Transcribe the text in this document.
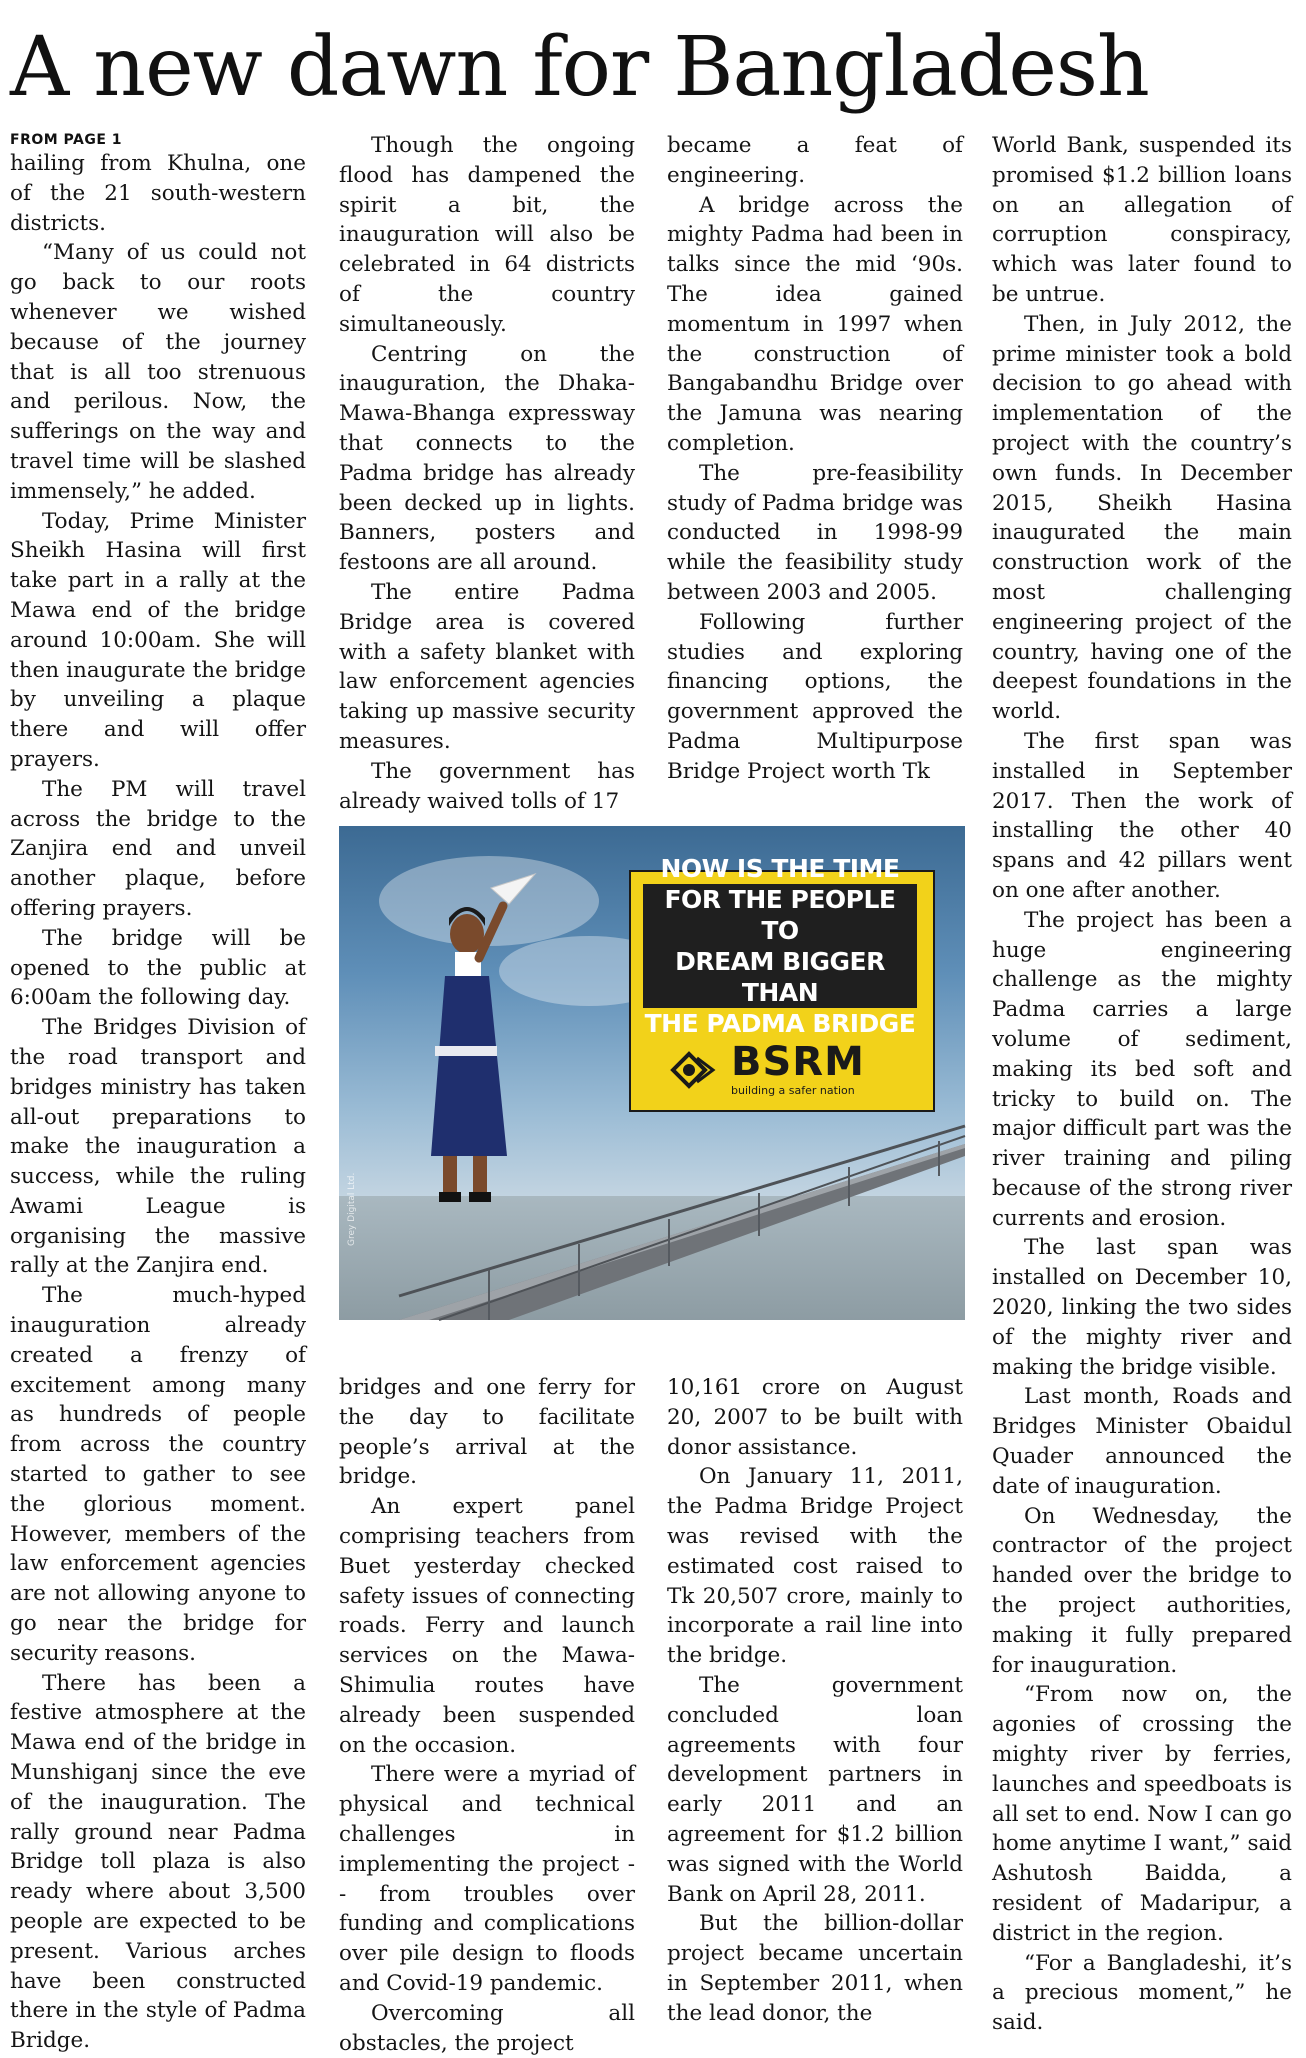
A new dawn for Bangladesh
FROM PAGE 1

hailing from Khulna, one of the 21 south-western districts.

“Many of us could not go back to our roots whenever we wished because of the journey that is all too strenuous and perilous. Now, the sufferings on the way and travel time will be slashed immensely,” he added.

Today, Prime Minister Sheikh Hasina will first take part in a rally at the Mawa end of the bridge around 10:00am. She will then inaugurate the bridge by unveiling a plaque there and will offer prayers.

The PM will travel across the bridge to the Zanjira end and unveil another plaque, before offering prayers.

The bridge will be opened to the public at 6:00am the following day.

The Bridges Division of the road transport and bridges ministry has taken all-out preparations to make the inauguration a success, while the ruling Awami League is organising the massive rally at the Zanjira end.

The much-hyped inauguration already created a frenzy of excitement among many as hundreds of people from across the country started to gather to see the glorious moment. However, members of the law enforcement agencies are not allowing anyone to go near the bridge for security reasons.

There has been a festive atmosphere at the Mawa end of the bridge in Munshiganj since the eve of the inauguration. The rally ground near Padma Bridge toll plaza is also ready where about 3,500 people are expected to be present. Various arches have been constructed there in the style of Padma Bridge.

Though the ongoing flood has dampened the spirit a bit, the inauguration will also be celebrated in 64 districts of the country simultaneously.

Centring on the inauguration, the Dhaka-Mawa-Bhanga expressway that connects to the Padma bridge has already been decked up in lights. Banners, posters and festoons are all around.

The entire Padma Bridge area is covered with a safety blanket with law enforcement agencies taking up massive security measures.

The government has already waived tolls of 17

became a feat of engineering.

A bridge across the mighty Padma had been in talks since the mid ‘90s. The idea gained momentum in 1997 when the construction of Bangabandhu Bridge over the Jamuna was nearing completion.

The pre-feasibility study of Padma bridge was conducted in 1998-99 while the feasibility study between 2003 and 2005.

Following further studies and exploring financing options, the government approved the Padma Multipurpose Bridge Project worth Tk

World Bank, suspended its promised $1.2 billion loans on an allegation of corruption conspiracy, which was later found to be untrue.

Then, in July 2012, the prime minister took a bold decision to go ahead with implementation of the project with the country’s own funds. In December 2015, Sheikh Hasina inaugurated the main construction work of the most challenging engineering project of the country, having one of the deepest foundations in the world.

The first span was installed in September 2017. Then the work of installing the other 40 spans and 42 pillars went on one after another.

The project has been a huge engineering challenge as the mighty Padma carries a large volume of sediment, making its bed soft and tricky to build on. The major difficult part was the river training and piling because of the strong river currents and erosion.

The last span was installed on December 10, 2020, linking the two sides of the mighty river and making the bridge visible.

Last month, Roads and Bridges Minister Obaidul Quader announced the date of inauguration.

On Wednesday, the contractor of the project handed over the bridge to the project authorities, making it fully prepared for inauguration.

“From now on, the agonies of crossing the mighty river by ferries, launches and speedboats is all set to end. Now I can go home anytime I want,” said Ashutosh Baidda, a resident of Madaripur, a district in the region.

“For a Bangladeshi, it’s a precious moment,” he said.

NOW IS THE TIME
FOR THE PEOPLE TO
DREAM BIGGER THAN
THE PADMA BRIDGE
BSRM
building a safer nation
Grey Digital Ltd.

bridges and one ferry for the day to facilitate people’s arrival at the bridge.

An expert panel comprising teachers from Buet yesterday checked safety issues of connecting roads. Ferry and launch services on the Mawa-Shimulia routes have already been suspended on the occasion.

There were a myriad of physical and technical challenges in implementing the project -- from troubles over funding and complications over pile design to floods and Covid-19 pandemic.

Overcoming all obstacles, the project

10,161 crore on August 20, 2007 to be built with donor assistance.

On January 11, 2011, the Padma Bridge Project was revised with the estimated cost raised to Tk 20,507 crore, mainly to incorporate a rail line into the bridge.

The government concluded loan agreements with four development partners in early 2011 and an agreement for $1.2 billion was signed with the World Bank on April 28, 2011.

But the billion-dollar project became uncertain in September 2011, when the lead donor, the
